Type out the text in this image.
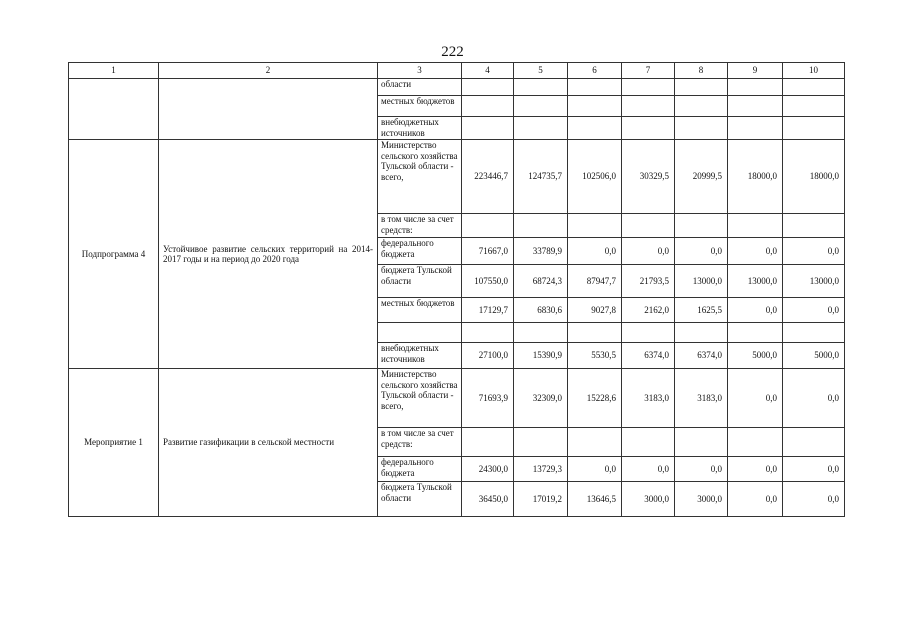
222
1	2	3	4	5	6	7	8	9	10
		области							
		местных бюджетов							
		внебюджетных источников							
Подпрограмма 4	Устойчивое развитие сельских территорий на 2014-2017 годы и на период до 2020 года	Министерство сельского хозяйства Тульской области - всего,	223446,7	124735,7	102506,0	30329,5	20999,5	18000,0	18000,0
		в том числе за счет средств:							
		федерального бюджета	71667,0	33789,9	0,0	0,0	0,0	0,0	0,0
		бюджета Тульской области	107550,0	68724,3	87947,7	21793,5	13000,0	13000,0	13000,0
		местных бюджетов	17129,7	6830,6	9027,8	2162,0	1625,5	0,0	0,0

		внебюджетных источников	27100,0	15390,9	5530,5	6374,0	6374,0	5000,0	5000,0
Мероприятие 1	Развитие газификации в сельской местности	Министерство сельского хозяйства Тульской области - всего,	71693,9	32309,0	15228,6	3183,0	3183,0	0,0	0,0
		в том числе за счет средств:							
		федерального бюджета	24300,0	13729,3	0,0	0,0	0,0	0,0	0,0
		бюджета Тульской области	36450,0	17019,2	13646,5	3000,0	3000,0	0,0	0,0
